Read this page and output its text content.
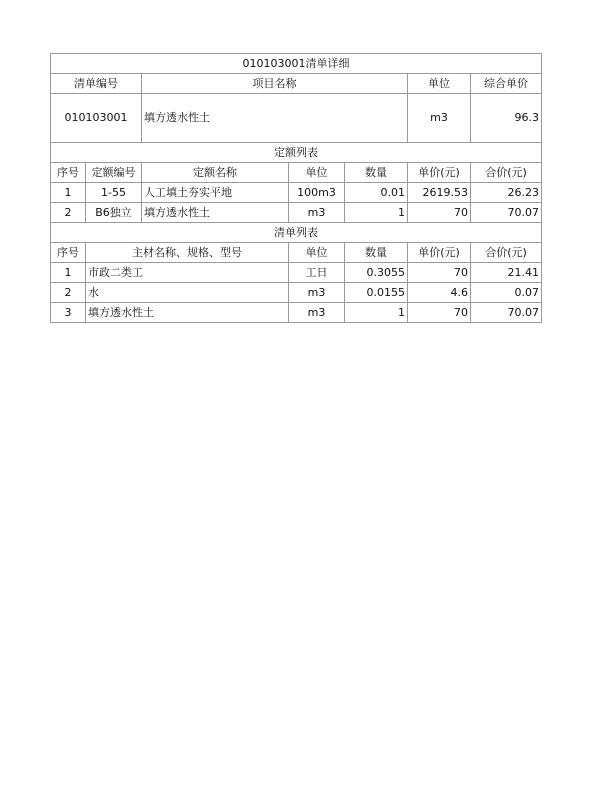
010103001清单详细						
清单编号		项目名称			单位	综合单价
010103001		填方透水性土			m3	96.3
定额列表						
序号	定额编号	定额名称	单位	数量	单价(元)	合价(元)
1	1-55	人工填土夯实平地	100m3	0.01	2619.53	26.23
2	B6独立	填方透水性土	m3	1	70	70.07
清单列表						
序号	主材名称、规格、型号		单位	数量	单价(元)	合价(元)
1	市政二类工		工日	0.3055	70	21.41
2	水		m3	0.0155	4.6	0.07
3	填方透水性土		m3	1	70	70.07
